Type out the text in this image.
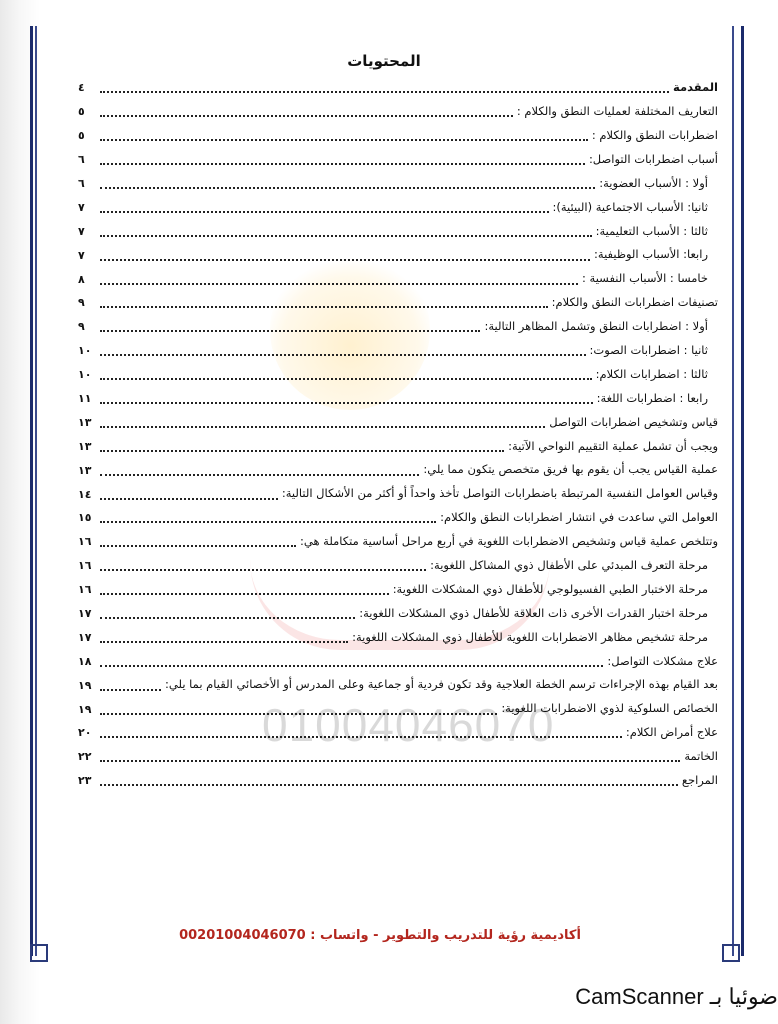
01004046070
المحتويات
المقدمة
٤
التعاريف المختلفة لعمليات النطق والكلام :
٥
اضطرابات النطق والكلام :
٥
أسباب اضطرابات التواصل:
٦
أولا : الأسباب العضوية:
٦
ثانيا: الأسباب الاجتماعية (البيئية):
٧
ثالثا : الأسباب التعليمية:
٧
رابعا: الأسباب الوظيفية:
٧
خامسا : الأسباب النفسية :
٨
تصنيفات اضطرابات النطق والكلام:
٩
أولا : اضطرابات النطق وتشمل المظاهر التالية:
٩
ثانيا : اضطرابات الصوت:
١٠
ثالثا : اضطرابات الكلام:
١٠
رابعا : اضطرابات اللغة:
١١
قياس وتشخيص اضطرابات التواصل
١٣
ويجب أن تشمل عملية التقييم النواحي الآتية:
١٣
عملية القياس يجب أن يقوم بها فريق متخصص يتكون مما يلي:
١٣
وقياس العوامل النفسية المرتبطة باضطرابات التواصل تأخذ واحداً أو أكثر من الأشكال التالية:
١٤
العوامل التي ساعدت في انتشار اضطرابات النطق والكلام:
١٥
وتتلخص عملية قياس وتشخيص الاضطرابات اللغوية في أربع مراحل أساسية متكاملة هي:
١٦
مرحلة التعرف المبدئي على الأطفال ذوي المشاكل اللغوية:
١٦
مرحلة الاختبار الطبي الفسيولوجي للأطفال ذوي المشكلات اللغوية:
١٦
مرحلة اختبار القدرات الأخرى ذات العلاقة للأطفال ذوي المشكلات اللغوية:
١٧
مرحلة تشخيص مظاهر الاضطرابات اللغوية للأطفال ذوي المشكلات اللغوية:
١٧
علاج مشكلات التواصل:
١٨
بعد القيام بهذه الإجراءات ترسم الخطة العلاجية وقد تكون فردية أو جماعية وعلى المدرس أو الأخصائي القيام بما يلي:
١٩
الخصائص السلوكية لذوي الاضطرابات اللغوية:
١٩
علاج أمراض الكلام:
٢٠
الخاتمة
٢٢
المراجع
٢٣
أكاديمية رؤية للتدريب والتطوير - واتساب : 00201004046070
ضوئيا بـ CamScanner
